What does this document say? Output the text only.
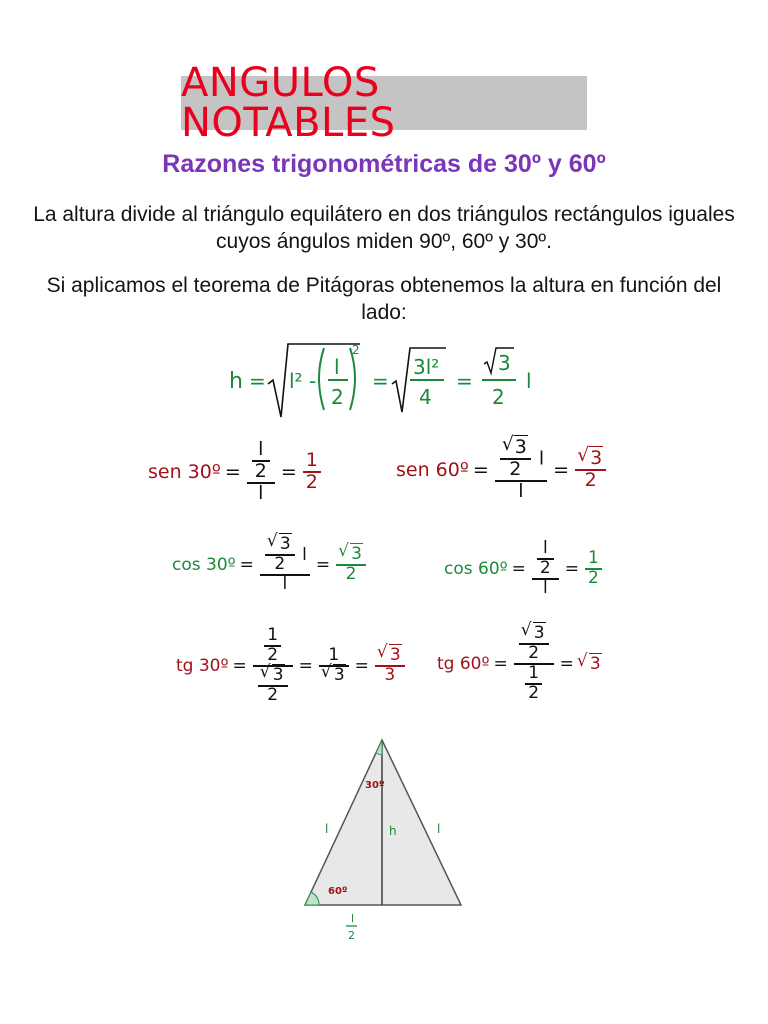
ANGULOS NOTABLES
Razones trigonométricas de 30º y 60º
La altura divide al triángulo equilátero en dos triángulos rectángulos iguales cuyos ángulos miden 90º, 60º y 30º.
Si aplicamos el teorema de Pitágoras obtenemos la altura en función del lado:
h = l² -
l
2
2
=
3l²
4
=
3
2
l
sen 30º = $\frac{\frac{l}{2}}{l} = \frac{1}{2}$	sen 60º = √ $\frac{\frac{3}{2} l}{l}$ = √ $\frac{3}{2}$
cos 30º = √ $\frac{\frac{3}{2} l}{l}$ = √ $\frac{3}{2}$	cos 60º = $\frac{\frac{l}{2}}{l} = \frac{1}{2}$
tg 30º = $\frac{1}{2}$
√ $\frac{3}{2} = 1$
√ 3 = √ $\frac{3}{3}$ tg 60º = √ $\frac{\frac{3}{2}}{\frac{1}{2}}$ = √ 3
30º
60º
l	l
h
l
2
